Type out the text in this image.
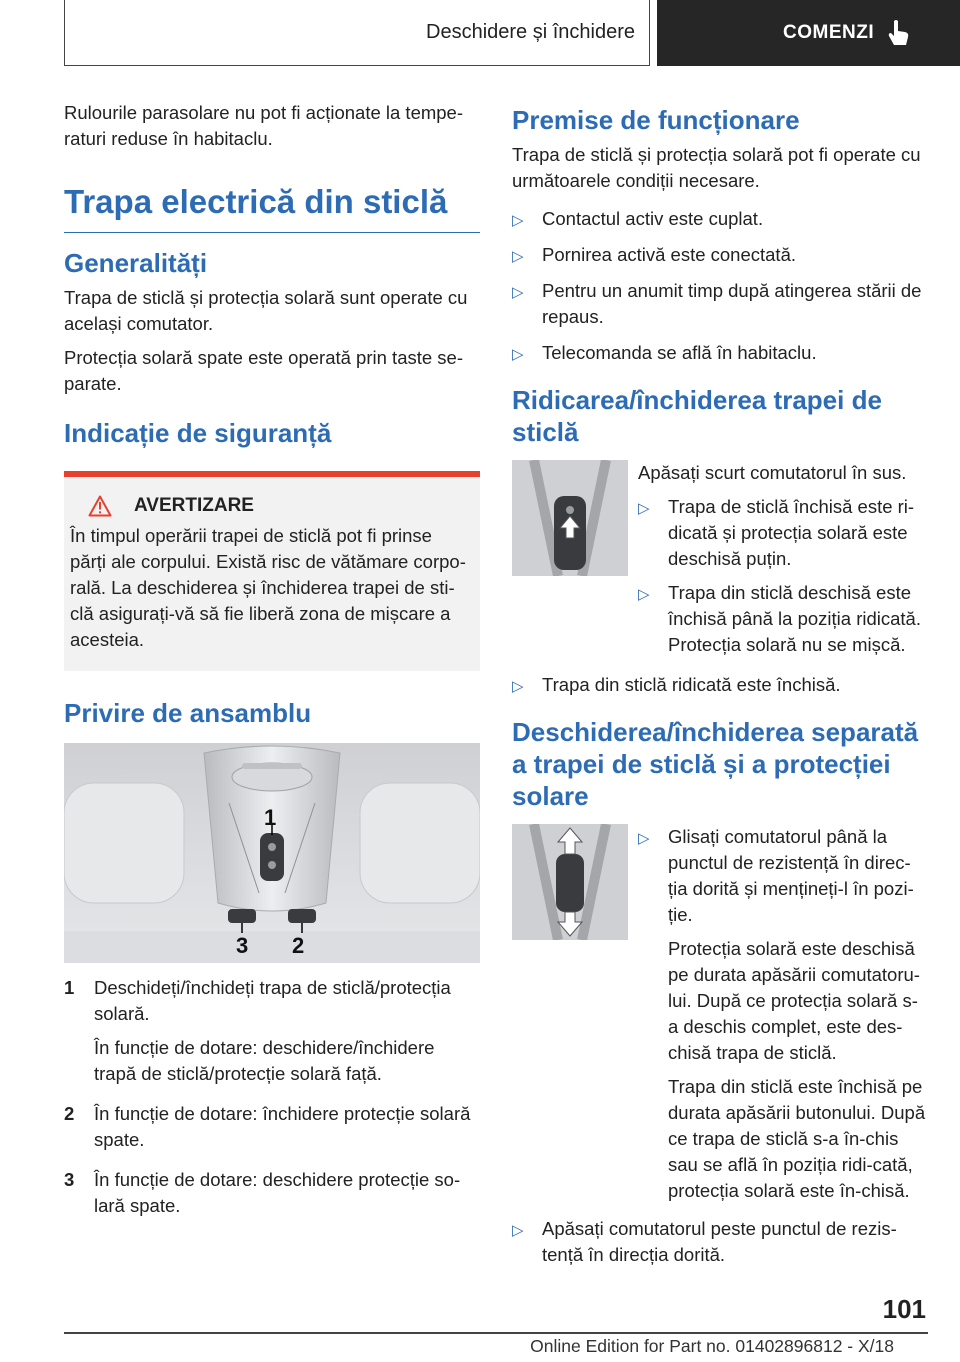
Deschidere și închidere	COMENZI

Rulourile parasolare nu pot fi acționate la tempe-raturi reduse în habitaclu.

Trapa electrică din sticlă
Generalități

Trapa de sticlă și protecția solară sunt operate cu același comutator.

Protecția solară spate este operată prin taste se-parate.

Indicație de siguranță
AVERTIZARE

În timpul operării trapei de sticlă pot fi prinse părți ale corpului. Există risc de vătămare corpo-rală. La deschiderea și închiderea trapei de sti-clă asigurați-vă să fie liberă zona de mișcare a acesteia.

Privire de ansamblu
1
3 2
1	Deschideți/închideți trapa de sticlă/protecția solară.

În funcție de dotare: deschidere/închidere trapă de sticlă/protecție solară față.

2	În funcție de dotare: închidere protecție solară spate.

3	În funcție de dotare: deschidere protecție so-lară spate.

Premise de funcționare

Trapa de sticlă și protecția solară pot fi operate cu următoarele condiții necesare.

▷ Contactul activ este cuplat.
▷ Pornirea activă este conectată.
▷ Pentru un anumit timp după atingerea stării de repaus.
▷ Telecomanda se află în habitaclu.
Ridicarea/închiderea trapei de sticlă

Apăsați scurt comutatorul în sus.

▷ Trapa de sticlă închisă este ri-dicată și protecția solară este deschisă puțin.
▷ Trapa din sticlă deschisă este închisă până la poziția ridicată. Protecția solară nu se mișcă.
▷ Trapa din sticlă ridicată este închisă.
Deschiderea/închiderea separată a trapei de sticlă și a protecției solare
▷ Glisați comutatorul până la punctul de rezistență în direc-ția dorită și mențineți-l în pozi-ție.

Protecția solară este deschisă pe durata apăsării comutatoru-lui. După ce protecția solară s-a deschis complet, este des-chisă trapa de sticlă.

Trapa din sticlă este închisă pe durata apăsării butonului. După ce trapa de sticlă s-a în-chis sau se află în poziția ridi-cată, protecția solară este în-chisă.

▷ Apăsați comutatorul peste punctul de rezis-tență în direcția dorită.
101
Online Edition for Part no. 01402896812 - X/18
